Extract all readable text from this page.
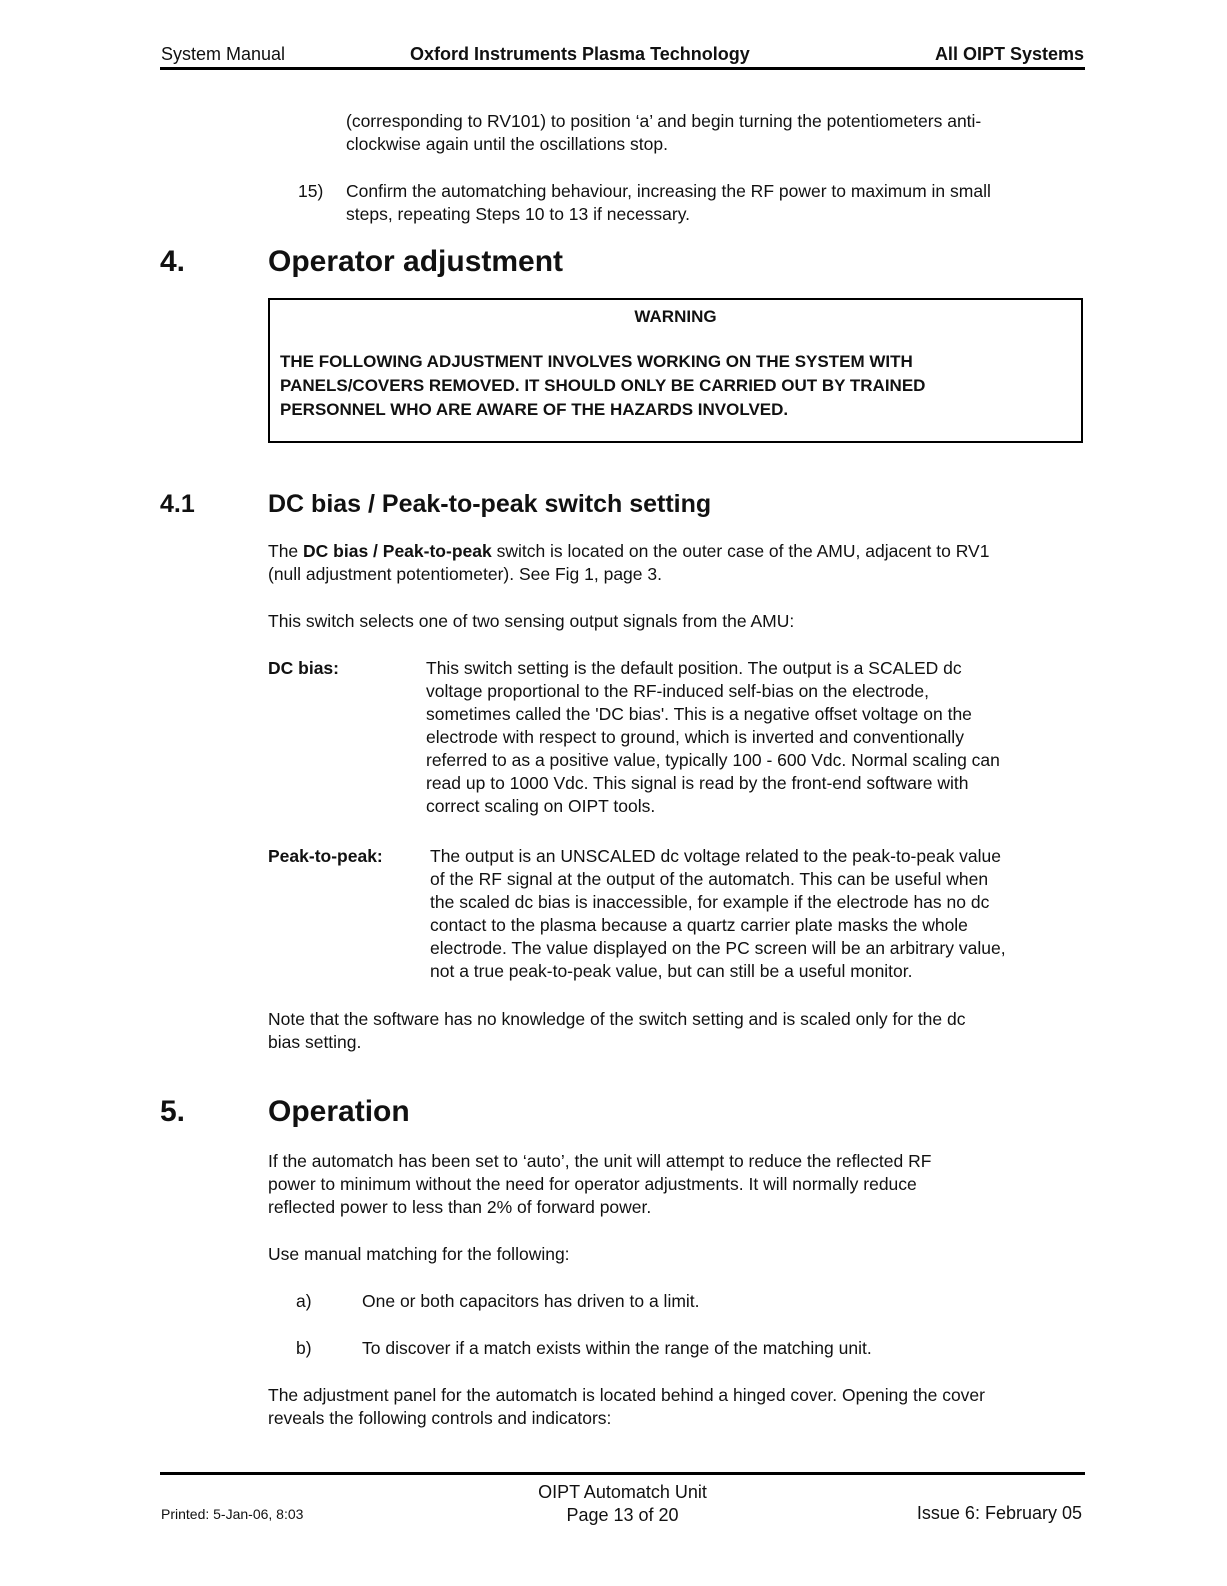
System Manual	Oxford Instruments Plasma Technology	All OIPT Systems
(corresponding to RV101) to position ‘a’ and begin turning the potentiometers anti-
clockwise again until the oscillations stop.
15) Confirm the automatching behaviour, increasing the RF power to maximum in small
steps, repeating Steps 10 to 13 if necessary.
4.	Operator adjustment
WARNING
THE FOLLOWING ADJUSTMENT INVOLVES WORKING ON THE SYSTEM WITH
PANELS/COVERS REMOVED. IT SHOULD ONLY BE CARRIED OUT BY TRAINED
PERSONNEL WHO ARE AWARE OF THE HAZARDS INVOLVED.
4.1	DC bias / Peak-to-peak switch setting
The DC bias / Peak-to-peak switch is located on the outer case of the AMU, adjacent to RV1
(null adjustment potentiometer). See Fig 1, page 3.
This switch selects one of two sensing output signals from the AMU:
DC bias:	This switch setting is the default position. The output is a SCALED dc
voltage proportional to the RF-induced self-bias on the electrode,
sometimes called the 'DC bias'. This is a negative offset voltage on the
electrode with respect to ground, which is inverted and conventionally
referred to as a positive value, typically 100 - 600 Vdc. Normal scaling can
read up to 1000 Vdc. This signal is read by the front-end software with
correct scaling on OIPT tools.
Peak-to-peak:	The output is an UNSCALED dc voltage related to the peak-to-peak value
of the RF signal at the output of the automatch. This can be useful when
the scaled dc bias is inaccessible, for example if the electrode has no dc
contact to the plasma because a quartz carrier plate masks the whole
electrode. The value displayed on the PC screen will be an arbitrary value,
not a true peak-to-peak value, but can still be a useful monitor.
Note that the software has no knowledge of the switch setting and is scaled only for the dc
bias setting.
5.	Operation
If the automatch has been set to ‘auto’, the unit will attempt to reduce the reflected RF
power to minimum without the need for operator adjustments. It will normally reduce
reflected power to less than 2% of forward power.
Use manual matching for the following:
a)	One or both capacitors has driven to a limit.
b)	To discover if a match exists within the range of the matching unit.
The adjustment panel for the automatch is located behind a hinged cover. Opening the cover
reveals the following controls and indicators:
OIPT Automatch Unit
Printed: 5-Jan-06, 8:03	Page 13 of 20	Issue 6: February 05
